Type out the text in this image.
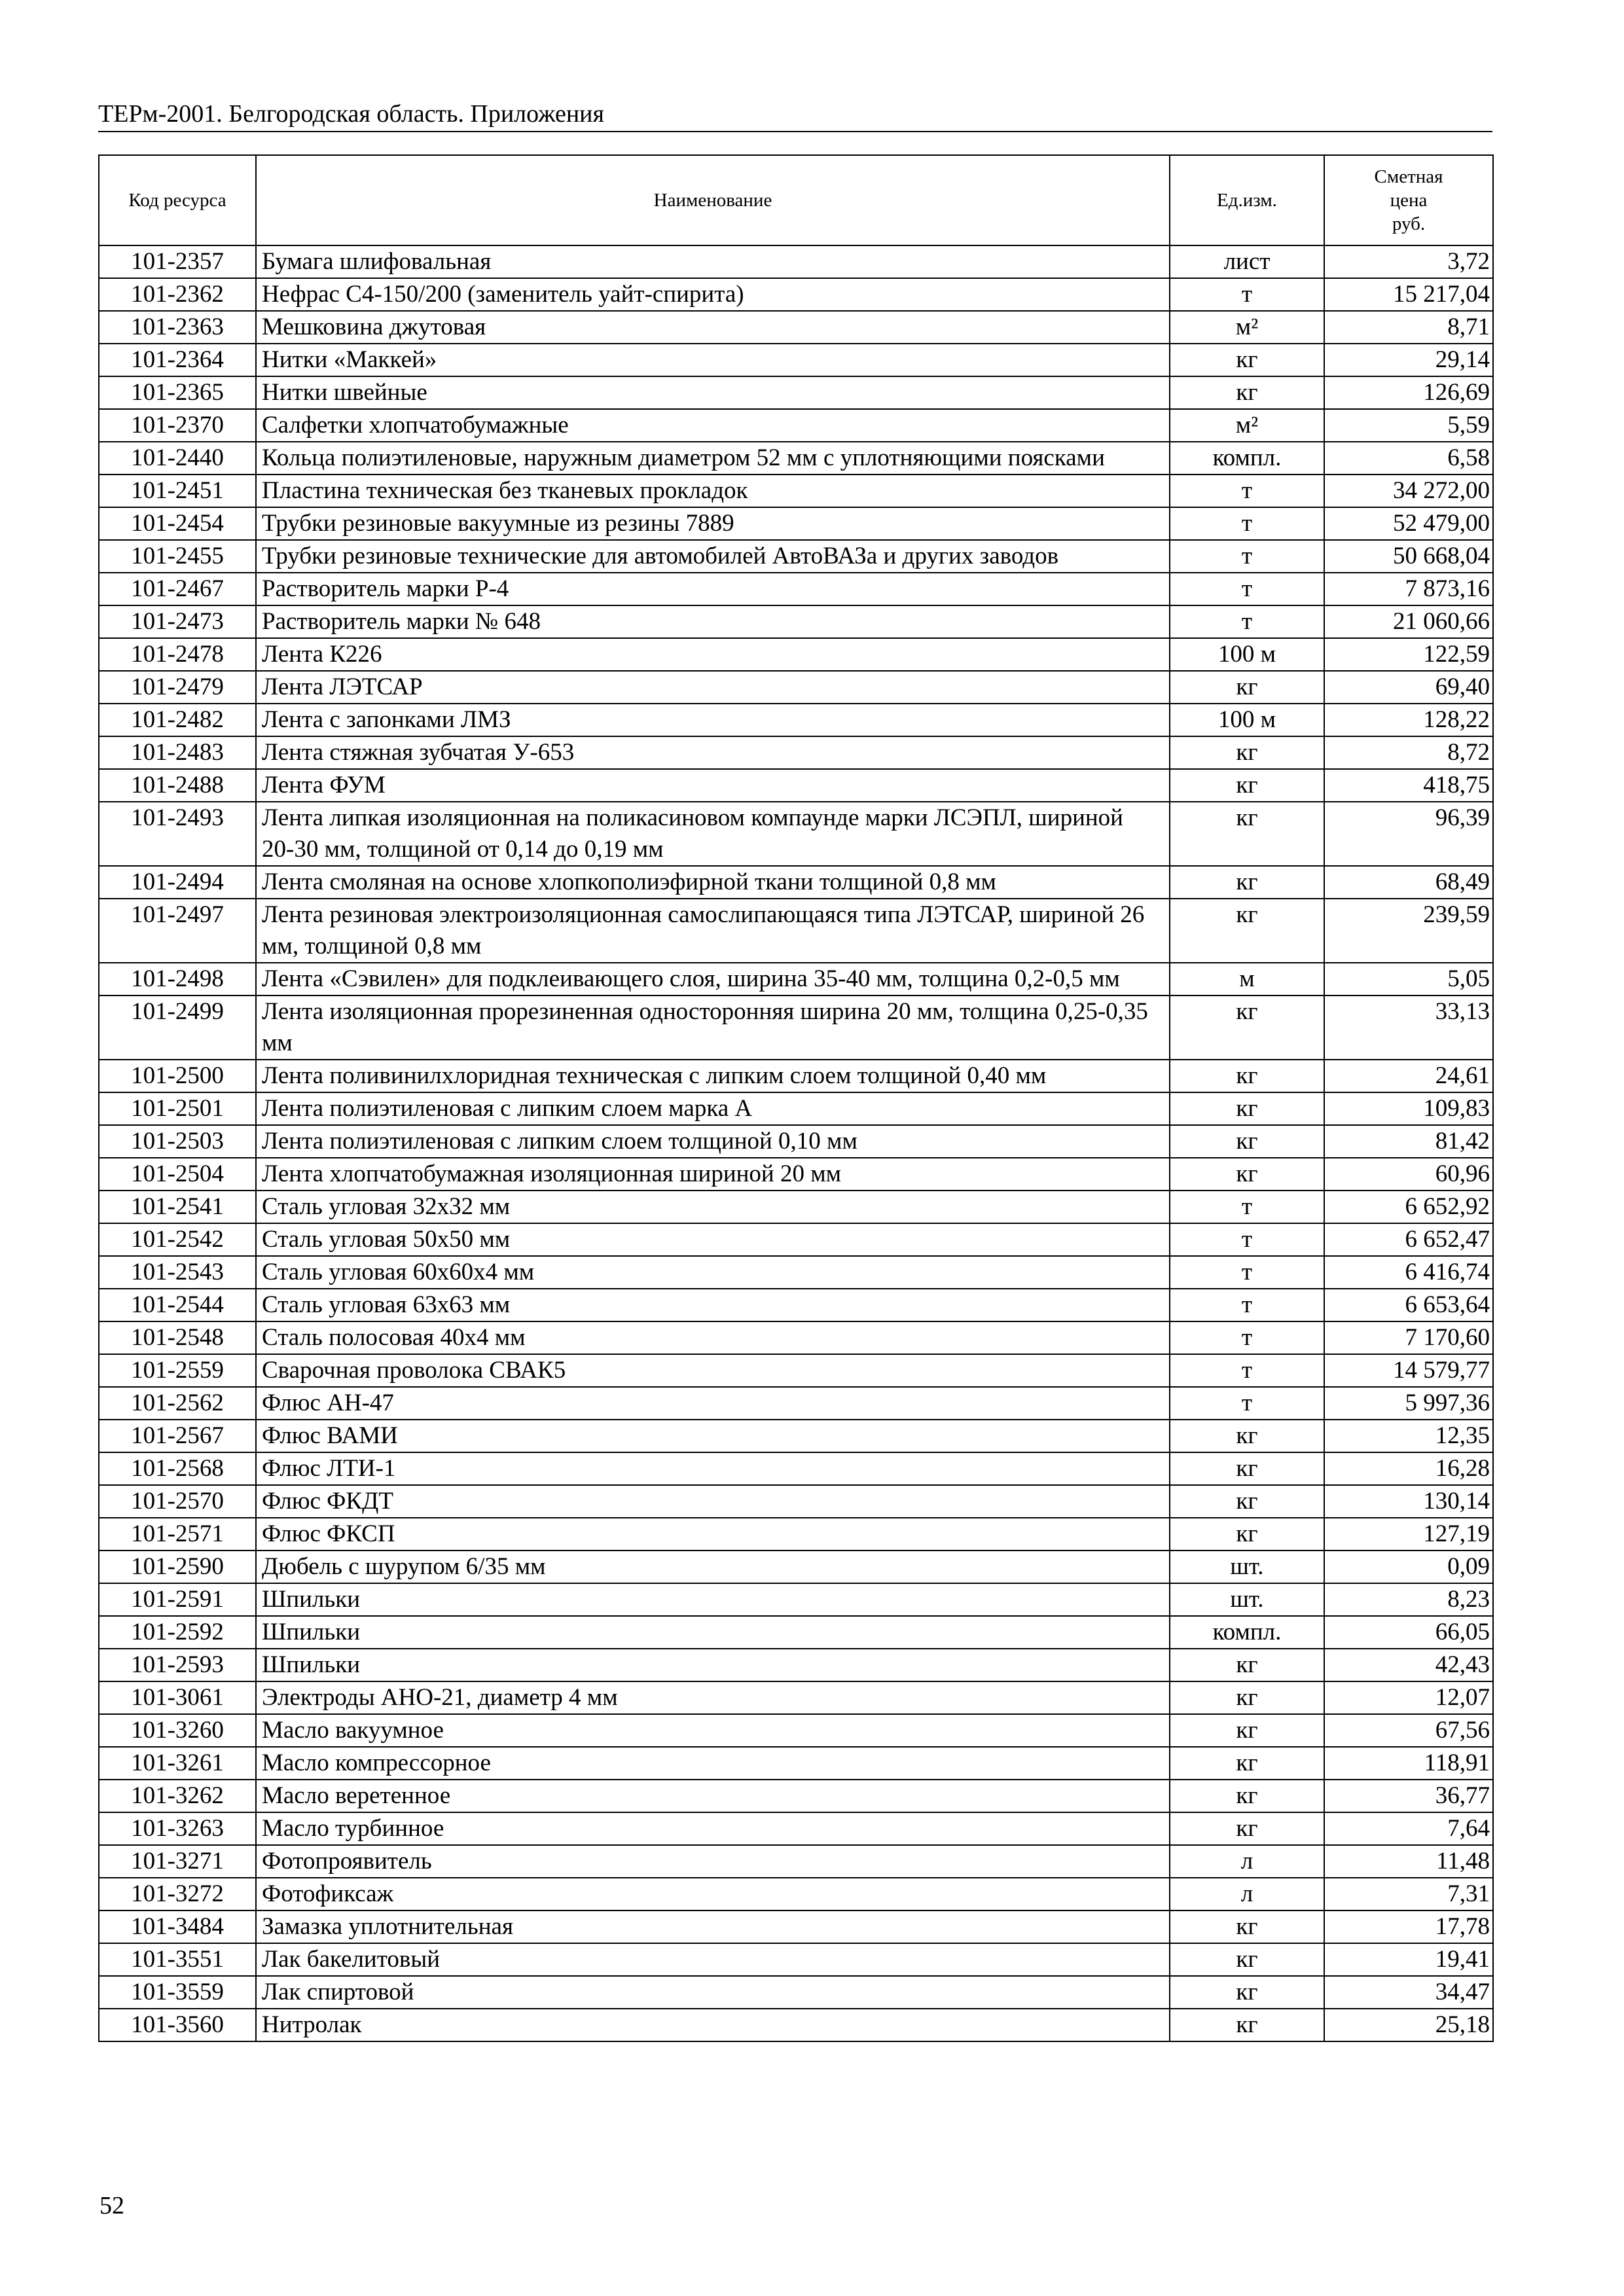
ТЕРм-2001. Белгородская область. Приложения
Код ресурса	Наименование	Ед.изм.	Сметная
цена
руб.

101-2357	Бумага шлифовальная	лист	3,72
101-2362	Нефрас С4-150/200 (заменитель уайт-спирита)	т	15 217,04
101-2363	Мешковина джутовая	м²	8,71
101-2364	Нитки «Маккей»	кг	29,14
101-2365	Нитки швейные	кг	126,69
101-2370	Салфетки хлопчатобумажные	м²	5,59
101-2440	Кольца полиэтиленовые, наружным диаметром 52 мм с уплотняющими поясками	компл.	6,58
101-2451	Пластина техническая без тканевых прокладок	т	34 272,00
101-2454	Трубки резиновые вакуумные из резины 7889	т	52 479,00
101-2455	Трубки резиновые технические для автомобилей АвтоВАЗа и других заводов	т	50 668,04
101-2467	Растворитель марки Р-4	т	7 873,16
101-2473	Растворитель марки № 648	т	21 060,66
101-2478	Лента К226	100 м	122,59
101-2479	Лента ЛЭТСАР	кг	69,40
101-2482	Лента с запонками ЛМЗ	100 м	128,22
101-2483	Лента стяжная зубчатая У-653	кг	8,72
101-2488	Лента ФУМ	кг	418,75
101-2493	Лента липкая изоляционная на поликасиновом компаунде марки ЛСЭПЛ, шириной 20-30 мм, толщиной от 0,14 до 0,19 мм	кг	96,39
101-2494	Лента смоляная на основе хлопкополиэфирной ткани толщиной 0,8 мм	кг	68,49
101-2497	Лента резиновая электроизоляционная самослипающаяся типа ЛЭТСАР, шириной 26 мм, толщиной 0,8 мм	кг	239,59
101-2498	Лента «Сэвилен» для подклеивающего слоя, ширина 35-40 мм, толщина 0,2-0,5 мм	м	5,05
101-2499	Лента изоляционная прорезиненная односторонняя ширина 20 мм, толщина 0,25-0,35 мм	кг	33,13
101-2500	Лента поливинилхлоридная техническая с липким слоем толщиной 0,40 мм	кг	24,61
101-2501	Лента полиэтиленовая с липким слоем марка А	кг	109,83
101-2503	Лента полиэтиленовая с липким слоем толщиной 0,10 мм	кг	81,42
101-2504	Лента хлопчатобумажная изоляционная шириной 20 мм	кг	60,96
101-2541	Сталь угловая 32x32 мм	т	6 652,92
101-2542	Сталь угловая 50x50 мм	т	6 652,47
101-2543	Сталь угловая 60x60x4 мм	т	6 416,74
101-2544	Сталь угловая 63x63 мм	т	6 653,64
101-2548	Сталь полосовая 40x4 мм	т	7 170,60
101-2559	Сварочная проволока СВАК5	т	14 579,77
101-2562	Флюс АН-47	т	5 997,36
101-2567	Флюс ВАМИ	кг	12,35
101-2568	Флюс ЛТИ-1	кг	16,28
101-2570	Флюс ФКДТ	кг	130,14
101-2571	Флюс ФКСП	кг	127,19
101-2590	Дюбель с шурупом 6/35 мм	шт.	0,09
101-2591	Шпильки	шт.	8,23
101-2592	Шпильки	компл.	66,05
101-2593	Шпильки	кг	42,43
101-3061	Электроды АНО-21, диаметр 4 мм	кг	12,07
101-3260	Масло вакуумное	кг	67,56
101-3261	Масло компрессорное	кг	118,91
101-3262	Масло веретенное	кг	36,77
101-3263	Масло турбинное	кг	7,64
101-3271	Фотопроявитель	л	11,48
101-3272	Фотофиксаж	л	7,31
101-3484	Замазка уплотнительная	кг	17,78
101-3551	Лак бакелитовый	кг	19,41
101-3559	Лак спиртовой	кг	34,47
101-3560	Нитролак	кг	25,18
52
